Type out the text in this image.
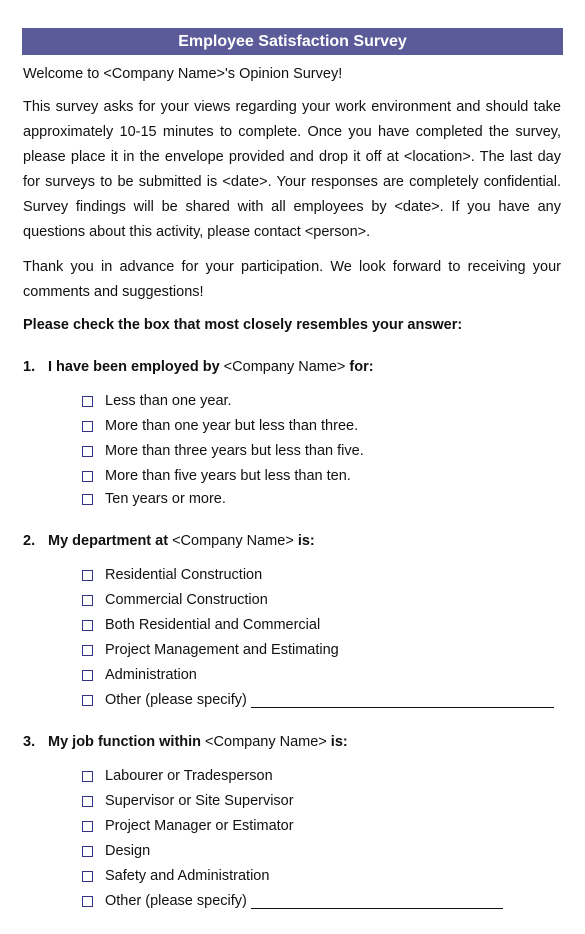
Employee Satisfaction Survey
Welcome to <Company Name>'s Opinion Survey!
This survey asks for your views regarding your work environment and should take approximately 10-15 minutes to complete. Once you have completed the survey, please place it in the envelope provided and drop it off at <location>. The last day for surveys to be submitted is <date>. Your responses are completely confidential. Survey findings will be shared with all employees by <date>. If you have any questions about this activity, please contact <person>.
Thank you in advance for your participation. We look forward to receiving your comments and suggestions!
Please check the box that most closely resembles your answer:
1. I have been employed by <Company Name> for:
Less than one year.
More than one year but less than three.
More than three years but less than five.
More than five years but less than ten.
Ten years or more.
2. My department at <Company Name> is:
Residential Construction
Commercial Construction
Both Residential and Commercial
Project Management and Estimating
Administration
Other (please specify)
3. My job function within <Company Name> is:
Labourer or Tradesperson
Supervisor or Site Supervisor
Project Manager or Estimator
Design
Safety and Administration
Other (please specify)
